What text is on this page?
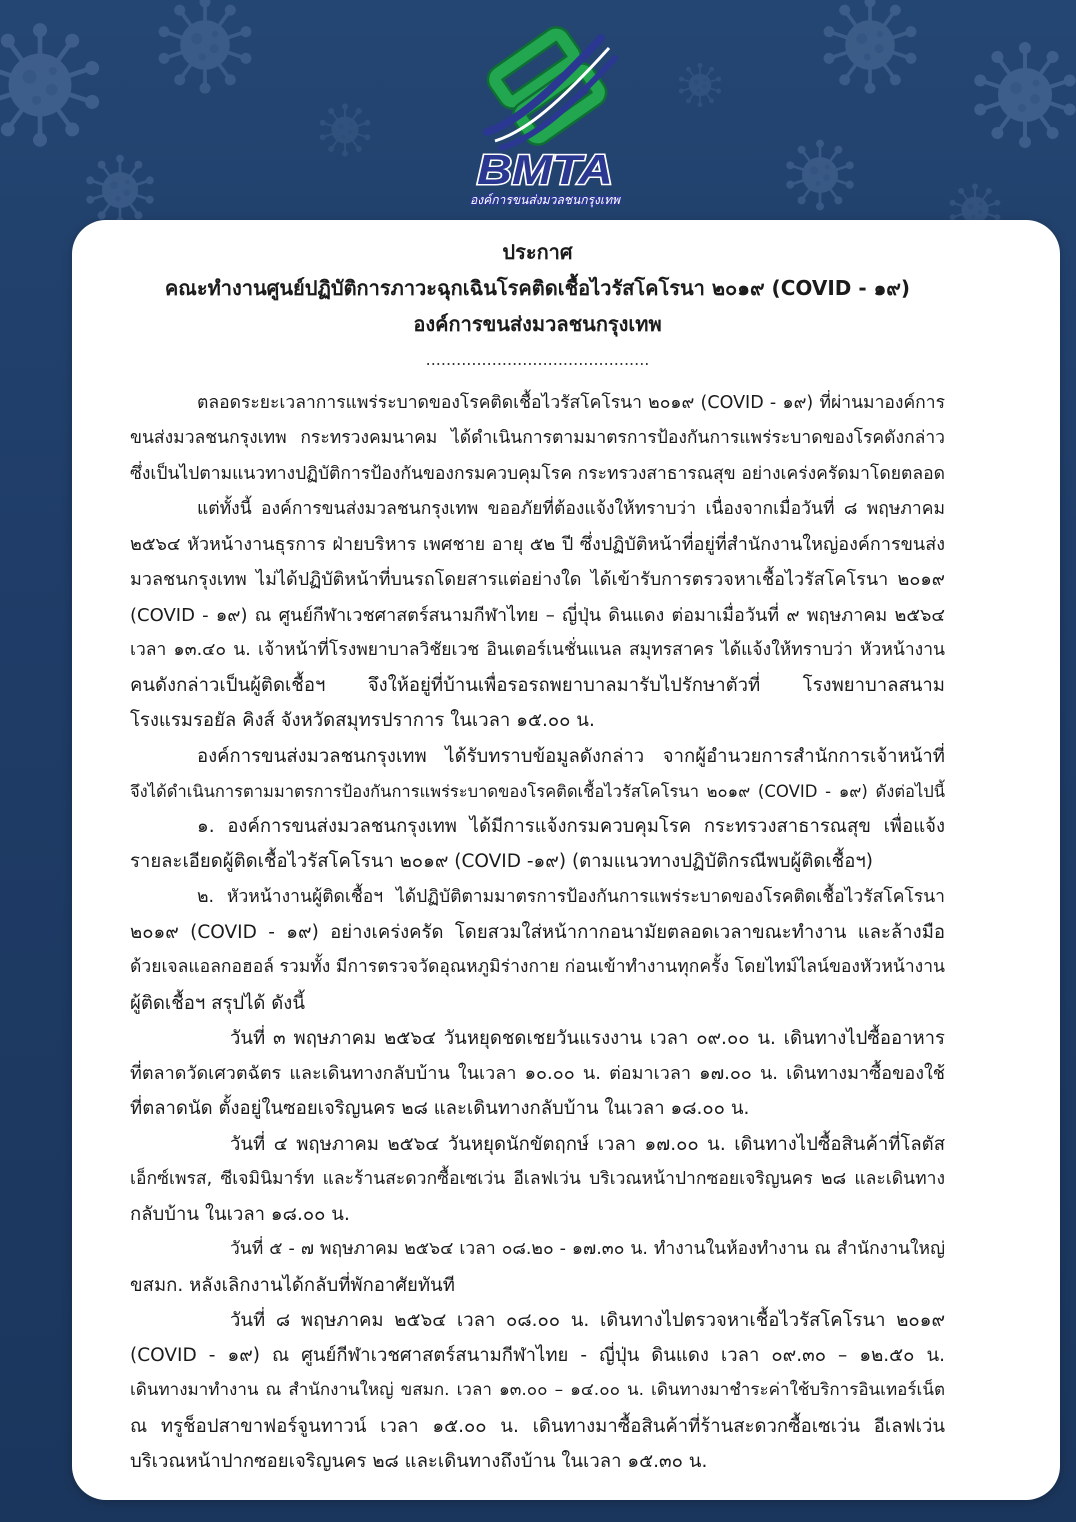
BMTA
องค์การขนส่งมวลชนกรุงเทพ
ประกาศ
คณะทำงานศูนย์ปฏิบัติการภาวะฉุกเฉินโรคติดเชื้อไวรัสโคโรนา ๒๐๑๙ (COVID - ๑๙)
องค์การขนส่งมวลชนกรุงเทพ
............................................
ตลอดระยะเวลาการแพร่ระบาดของโรคติดเชื้อไวรัสโคโรนา ๒๐๑๙ (COVID - ๑๙) ที่ผ่านมาองค์การ
ขนส่งมวลชนกรุงเทพ กระทรวงคมนาคม ได้ดำเนินการตามมาตรการป้องกันการแพร่ระบาดของโรคดังกล่าว
ซึ่งเป็นไปตามแนวทางปฏิบัติการป้องกันของกรมควบคุมโรค กระทรวงสาธารณสุข อย่างเคร่งครัดมาโดยตลอด
แต่ทั้งนี้ องค์การขนส่งมวลชนกรุงเทพ ขออภัยที่ต้องแจ้งให้ทราบว่า เนื่องจากเมื่อวันที่ ๘ พฤษภาคม
๒๕๖๔ หัวหน้างานธุรการ ฝ่ายบริหาร เพศชาย อายุ ๕๒ ปี ซึ่งปฏิบัติหน้าที่อยู่ที่สำนักงานใหญ่องค์การขนส่ง
มวลชนกรุงเทพ ไม่ได้ปฏิบัติหน้าที่บนรถโดยสารแต่อย่างใด ได้เข้ารับการตรวจหาเชื้อไวรัสโคโรนา ๒๐๑๙
(COVID - ๑๙) ณ ศูนย์กีฬาเวชศาสตร์สนามกีฬาไทย – ญี่ปุ่น ดินแดง ต่อมาเมื่อวันที่ ๙ พฤษภาคม ๒๕๖๔
เวลา ๑๓.๔๐ น. เจ้าหน้าที่โรงพยาบาลวิชัยเวช อินเตอร์เนชั่นแนล สมุทรสาคร ได้แจ้งให้ทราบว่า หัวหน้างาน
คนดังกล่าวเป็นผู้ติดเชื้อฯ จึงให้อยู่ที่บ้านเพื่อรอรถพยาบาลมารับไปรักษาตัวที่ โรงพยาบาลสนาม
โรงแรมรอยัล คิงส์ จังหวัดสมุทรปราการ ในเวลา ๑๕.๐๐ น.
องค์การขนส่งมวลชนกรุงเทพ ได้รับทราบข้อมูลดังกล่าว จากผู้อำนวยการสำนักการเจ้าหน้าที่
จึงได้ดำเนินการตามมาตรการป้องกันการแพร่ระบาดของโรคติดเชื้อไวรัสโคโรนา ๒๐๑๙ (COVID - ๑๙) ดังต่อไปนี้
๑. องค์การขนส่งมวลชนกรุงเทพ ได้มีการแจ้งกรมควบคุมโรค กระทรวงสาธารณสุข เพื่อแจ้ง
รายละเอียดผู้ติดเชื้อไวรัสโคโรนา ๒๐๑๙ (COVID -๑๙) (ตามแนวทางปฏิบัติกรณีพบผู้ติดเชื้อฯ)
๒. หัวหน้างานผู้ติดเชื้อฯ ได้ปฏิบัติตามมาตรการป้องกันการแพร่ระบาดของโรคติดเชื้อไวรัสโคโรนา
๒๐๑๙ (COVID - ๑๙) อย่างเคร่งครัด โดยสวมใส่หน้ากากอนามัยตลอดเวลาขณะทำงาน และล้างมือ
ด้วยเจลแอลกอฮอล์ รวมทั้ง มีการตรวจวัดอุณหภูมิร่างกาย ก่อนเข้าทำงานทุกครั้ง โดยไทม์ไลน์ของหัวหน้างาน
ผู้ติดเชื้อฯ สรุปได้ ดังนี้
วันที่ ๓ พฤษภาคม ๒๕๖๔ วันหยุดชดเชยวันแรงงาน เวลา ๐๙.๐๐ น. เดินทางไปซื้ออาหาร
ที่ตลาดวัดเศวตฉัตร และเดินทางกลับบ้าน ในเวลา ๑๐.๐๐ น. ต่อมาเวลา ๑๗.๐๐ น. เดินทางมาซื้อของใช้
ที่ตลาดนัด ตั้งอยู่ในซอยเจริญนคร ๒๘ และเดินทางกลับบ้าน ในเวลา ๑๘.๐๐ น.
วันที่ ๔ พฤษภาคม ๒๕๖๔ วันหยุดนักขัตฤกษ์ เวลา ๑๗.๐๐ น. เดินทางไปซื้อสินค้าที่โลตัส
เอ็กซ์เพรส, ซีเจมินิมาร์ท และร้านสะดวกซื้อเซเว่น อีเลฟเว่น บริเวณหน้าปากซอยเจริญนคร ๒๘ และเดินทาง
กลับบ้าน ในเวลา ๑๘.๐๐ น.
วันที่ ๕ - ๗ พฤษภาคม ๒๕๖๔ เวลา ๐๘.๒๐ - ๑๗.๓๐ น. ทำงานในห้องทำงาน ณ สำนักงานใหญ่
ขสมก. หลังเลิกงานได้กลับที่พักอาศัยทันที
วันที่ ๘ พฤษภาคม ๒๕๖๔ เวลา ๐๘.๐๐ น. เดินทางไปตรวจหาเชื้อไวรัสโคโรนา ๒๐๑๙
(COVID - ๑๙) ณ ศูนย์กีฬาเวชศาสตร์สนามกีฬาไทย - ญี่ปุ่น ดินแดง เวลา ๐๙.๓๐ – ๑๒.๕๐ น.
เดินทางมาทำงาน ณ สำนักงานใหญ่ ขสมก. เวลา ๑๓.๐๐ – ๑๔.๐๐ น. เดินทางมาชำระค่าใช้บริการอินเทอร์เน็ต
ณ ทรูช็อปสาขาฟอร์จูนทาวน์ เวลา ๑๕.๐๐ น. เดินทางมาซื้อสินค้าที่ร้านสะดวกซื้อเซเว่น อีเลฟเว่น
บริเวณหน้าปากซอยเจริญนคร ๒๘ และเดินทางถึงบ้าน ในเวลา ๑๕.๓๐ น.
